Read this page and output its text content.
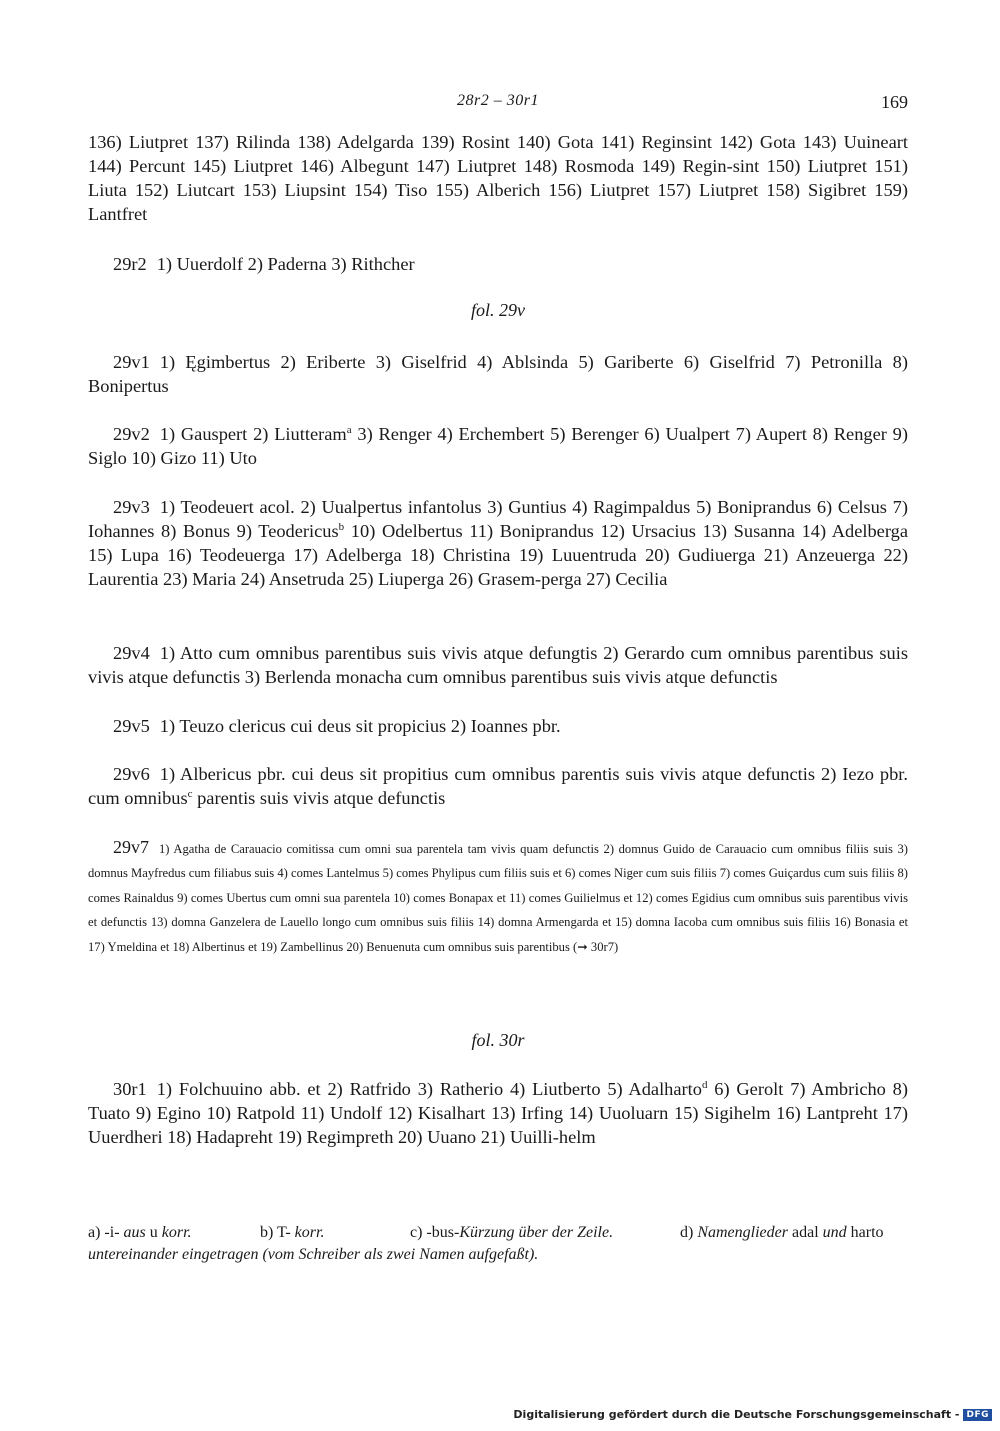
28r2 – 30r1	169
136) Liutpret 137) Rilinda 138) Adelgarda 139) Rosint 140) Gota 141) Reginsint 142) Gota 143) Uuineart 144) Percunt 145) Liutpret 146) Albegunt 147) Liutpret 148) Rosmoda 149) Regin-sint 150) Liutpret 151) Liuta 152) Liutcart 153) Liupsint 154) Tiso 155) Alberich 156) Liutpret 157) Liutpret 158) Sigibret 159) Lantfret
29r2 1) Uuerdolf 2) Paderna 3) Rithcher
fol. 29v
29v1 1) Ęgimbertus 2) Eriberte 3) Giselfrid 4) Ablsinda 5) Gariberte 6) Giselfrid 7) Petronilla 8) Bonipertus
29v2 1) Gauspert 2) Liutteram$^a$ 3) Renger 4) Erchembert 5) Berenger 6) Uualpert 7) Aupert 8) Renger 9) Siglo 10) Gizo 11) Uto
29v3 1) Teodeuert acol. 2) Uualpertus infantolus 3) Guntius 4) Ragimpaldus 5) Boniprandus 6) Celsus 7) Iohannes 8) Bonus 9) Teodericus$^b$ 10) Odelbertus 11) Boniprandus 12) Ursacius 13) Susanna 14) Adelberga 15) Lupa 16) Teodeuerga 17) Adelberga 18) Christina 19) Luuentruda 20) Gudiuerga 21) Anzeuerga 22) Laurentia 23) Maria 24) Ansetruda 25) Liuperga 26) Grasem-perga 27) Cecilia
29v4 1) Atto cum omnibus parentibus suis vivis atque defungtis 2) Gerardo cum omnibus parentibus suis vivis atque defunctis 3) Berlenda monacha cum omnibus parentibus suis vivis atque defunctis
29v5 1) Teuzo clericus cui deus sit propicius 2) Ioannes pbr.
29v6 1) Albericus pbr. cui deus sit propitius cum omnibus parentis suis vivis atque defunctis 2) Iezo pbr. cum omnibus$^c$ parentis suis vivis atque defunctis
29v7 1) Agatha de Carauacio comitissa cum omni sua parentela tam vivis quam defunctis 2) domnus Guido de Carauacio cum omnibus filiis suis 3) domnus Mayfredus cum filiabus suis 4) comes Lantelmus 5) comes Phylipus cum filiis suis et 6) comes Niger cum suis filiis 7) comes Guiçardus cum suis filiis 8) comes Rainaldus 9) comes Ubertus cum omni sua parentela 10) comes Bonapax et 11) comes Guilielmus et 12) comes Egidius cum omnibus suis parentibus vivis et defunctis 13) domna Ganzelera de Lauello longo cum omnibus suis filiis 14) domna Armengarda et 15) domna Iacoba cum omnibus suis filiis 16) Bonasia et 17) Ymeldina et 18) Albertinus et 19) Zambellinus 20) Benuenuta cum omnibus suis parentibus (➞ 30r7)
fol. 30r
30r1 1) Folchuuino abb. et 2) Ratfrido 3) Ratherio 4) Liutberto 5) Adalharto$^d$ 6) Gerolt 7) Ambricho 8) Tuato 9) Egino 10) Ratpold 11) Undolf 12) Kisalhart 13) Irfing 14) Uuoluarn 15) Sigihelm 16) Lantpreht 17) Uuerdheri 18) Hadapreht 19) Regimpreth 20) Uuano 21) Uuilli-helm
a) -i- aus u korr.	b) T- korr.	c) -bus-Kürzung über der Zeile.	d) Namenglieder adal und harto
untereinander eingetragen (vom Schreiber als zwei Namen aufgefaßt).
Digitalisierung gefördert durch die Deutsche Forschungsgemeinschaft - DFG
